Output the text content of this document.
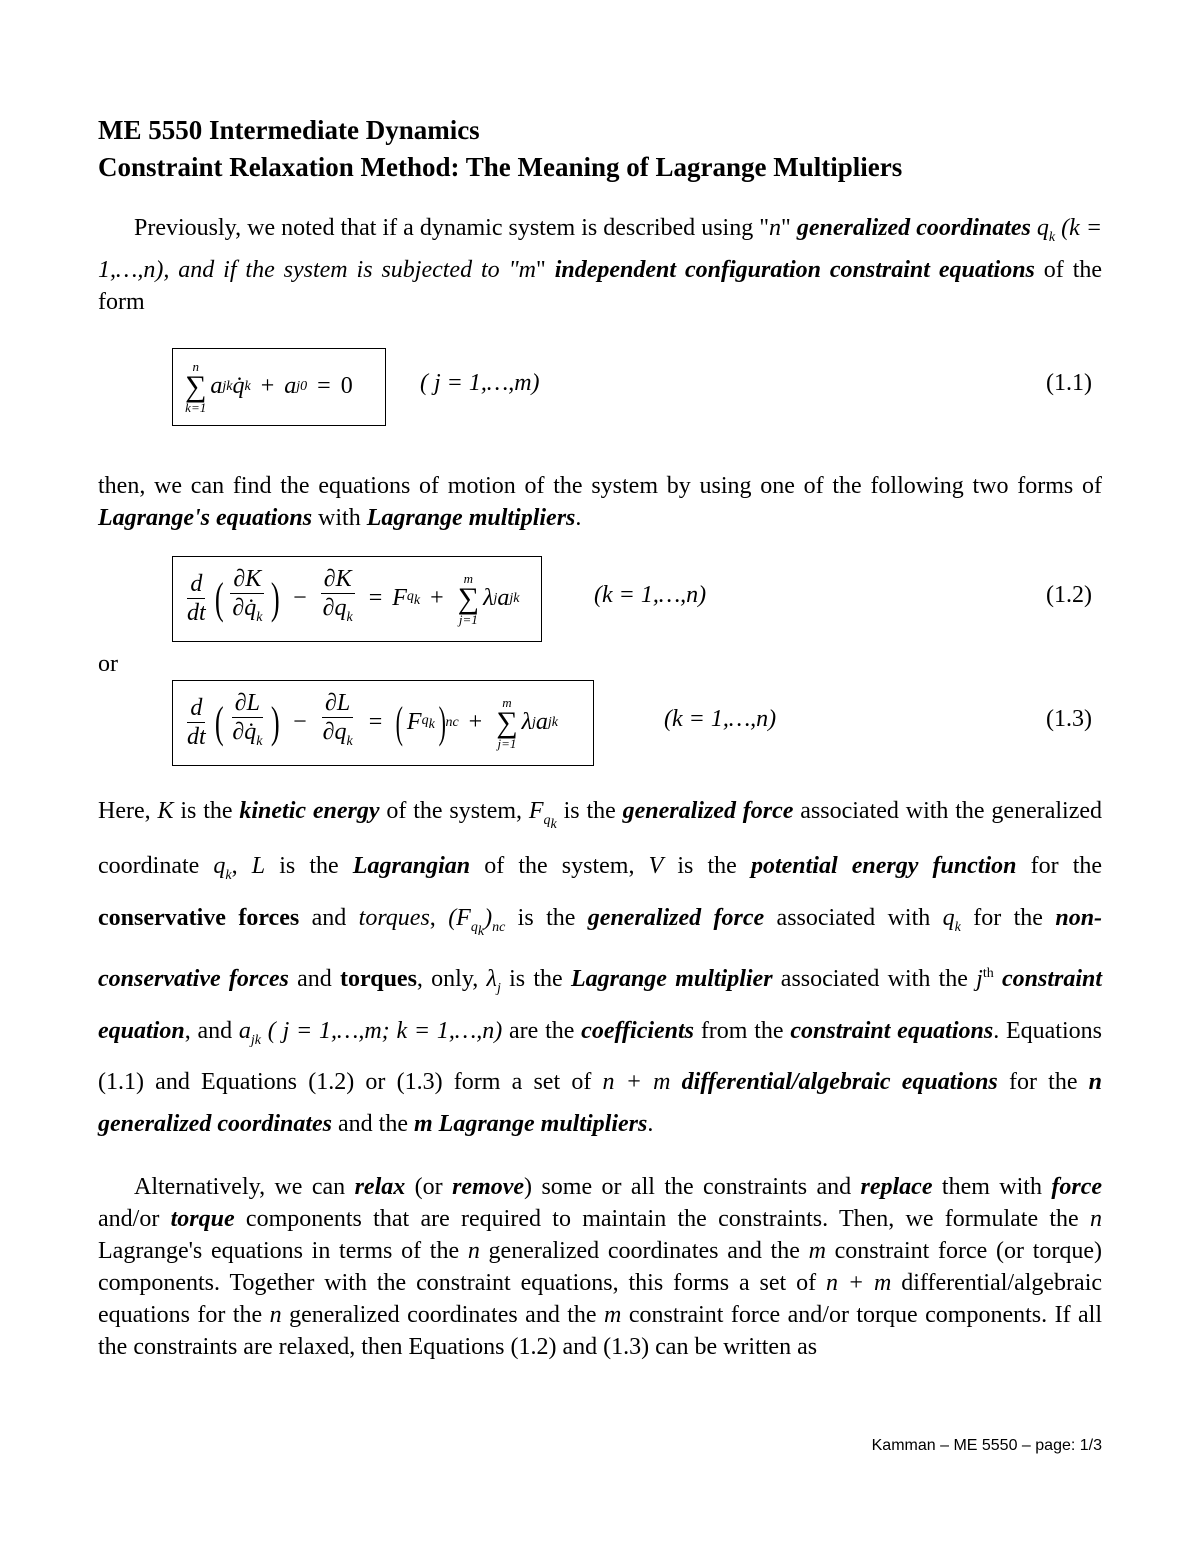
ME 5550 Intermediate Dynamics
Constraint Relaxation Method: The Meaning of Lagrange Multipliers

Previously, we noted that if a dynamic system is described using "n" generalized coordinates $q_k$ (k = 1,…,n), and if the system is subjected to "m" independent configuration constraint equations of the form

n
∑
k=1
a jk q̇ k + a j0 = 0	( j = 1,…,m)	(1.1)

then, we can find the equations of motion of the system by using one of the following two forms of Lagrange's equations with Lagrange multipliers.

$\frac{d}{dt}$ ( $\frac{\partial K}{\partial q̇_k}$ ) − $\frac{\partial K}{\partial q_k} = F$ $q_k$ +
m
∑
j=1
λ j a jk	(k = 1,…,n)	(1.2)

or

$\frac{d}{dt}$ ( $\frac{\partial L}{\partial q̇_k}$ ) − $\frac{\partial L}{\partial q_k}$ = ( F $q_k$ ) nc +
m
∑
j=1
λ j a jk	(k = 1,…,n)	(1.3)

Here, K is the kinetic energy of the system, $F_{q_k}$ is the generalized force associated with the generalized coordinate $q_k$, L is the Lagrangian of the system, V is the potential energy function for the conservative forces and torques, $(F_{q_k})_{nc}$ is the generalized force associated with $q_k$ for the non-conservative forces and torques, only, $\lambda_j$ is the Lagrange multiplier associated with the $j^{th}$ constraint equation, and $a_{jk}$ ( j = 1,…,m; k = 1,…,n) are the coefficients from the constraint equations. Equations (1.1) and Equations (1.2) or (1.3) form a set of n + m differential/algebraic equations for the n generalized coordinates and the m Lagrange multipliers.

Alternatively, we can relax (or remove) some or all the constraints and replace them with force and/or torque components that are required to maintain the constraints. Then, we formulate the n Lagrange's equations in terms of the n generalized coordinates and the m constraint force (or torque) components. Together with the constraint equations, this forms a set of n + m differential/algebraic equations for the n generalized coordinates and the m constraint force and/or torque components. If all the constraints are relaxed, then Equations (1.2) and (1.3) can be written as

Kamman – ME 5550 – page: 1/3
